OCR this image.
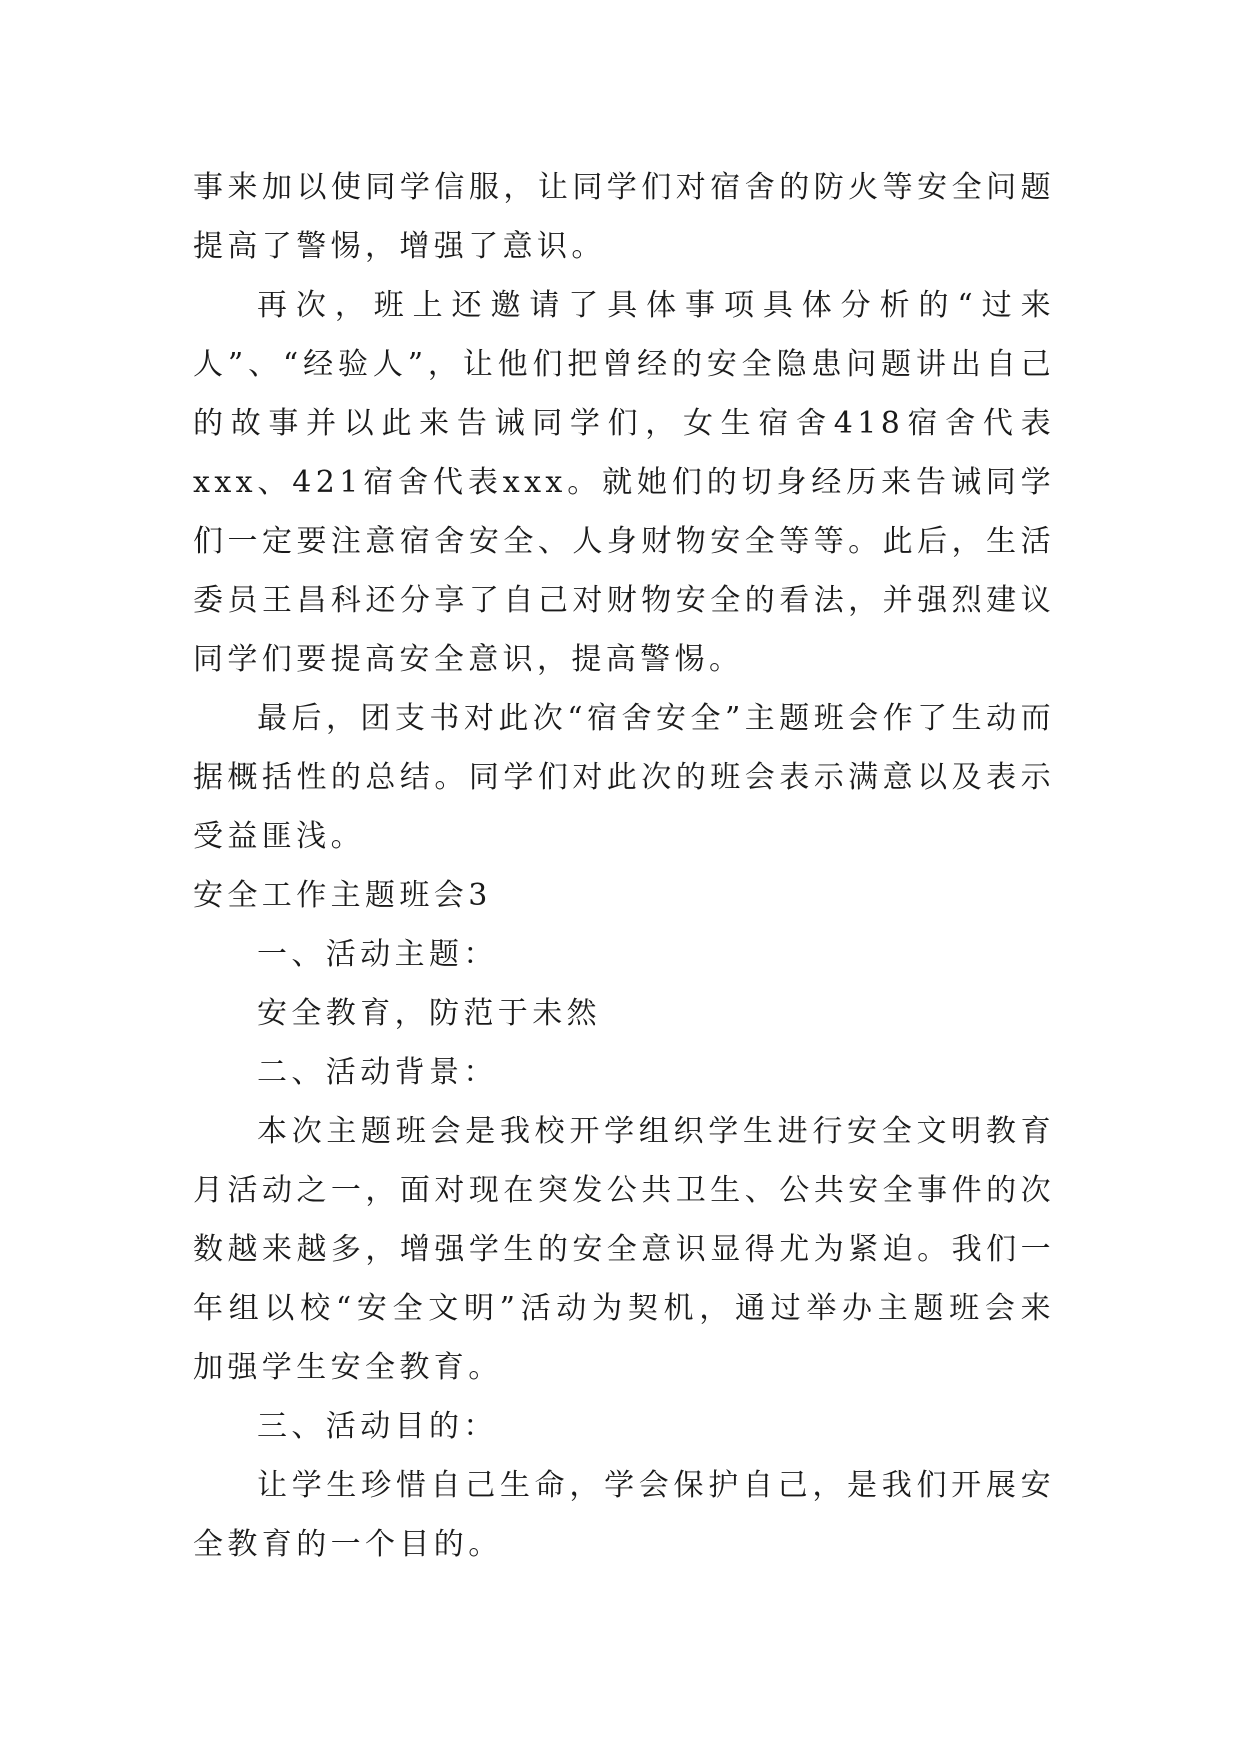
事来加以使同学信服，让同学们对宿舍的防火等安全问题提高了警惕，增强了意识。

再次，班上还邀请了具体事项具体分析的“过来人”、“经验人”，让他们把曾经的安全隐患问题讲出自己的故事并以此来告诫同学们，女生宿舍418宿舍代表xxx、421宿舍代表xxx。就她们的切身经历来告诫同学们一定要注意宿舍安全、人身财物安全等等。此后，生活委员王昌科还分享了自己对财物安全的看法，并强烈建议同学们要提高安全意识，提高警惕。

最后，团支书对此次“宿舍安全”主题班会作了生动而据概括性的总结。同学们对此次的班会表示满意以及表示受益匪浅。

安全工作主题班会3

一、活动主题：

安全教育，防范于未然

二、活动背景：

本次主题班会是我校开学组织学生进行安全文明教育月活动之一，面对现在突发公共卫生、公共安全事件的次数越来越多，增强学生的安全意识显得尤为紧迫。我们一年组以校“安全文明”活动为契机，通过举办主题班会来加强学生安全教育。

三、活动目的：

让学生珍惜自己生命，学会保护自己，是我们开展安全教育的一个目的。
